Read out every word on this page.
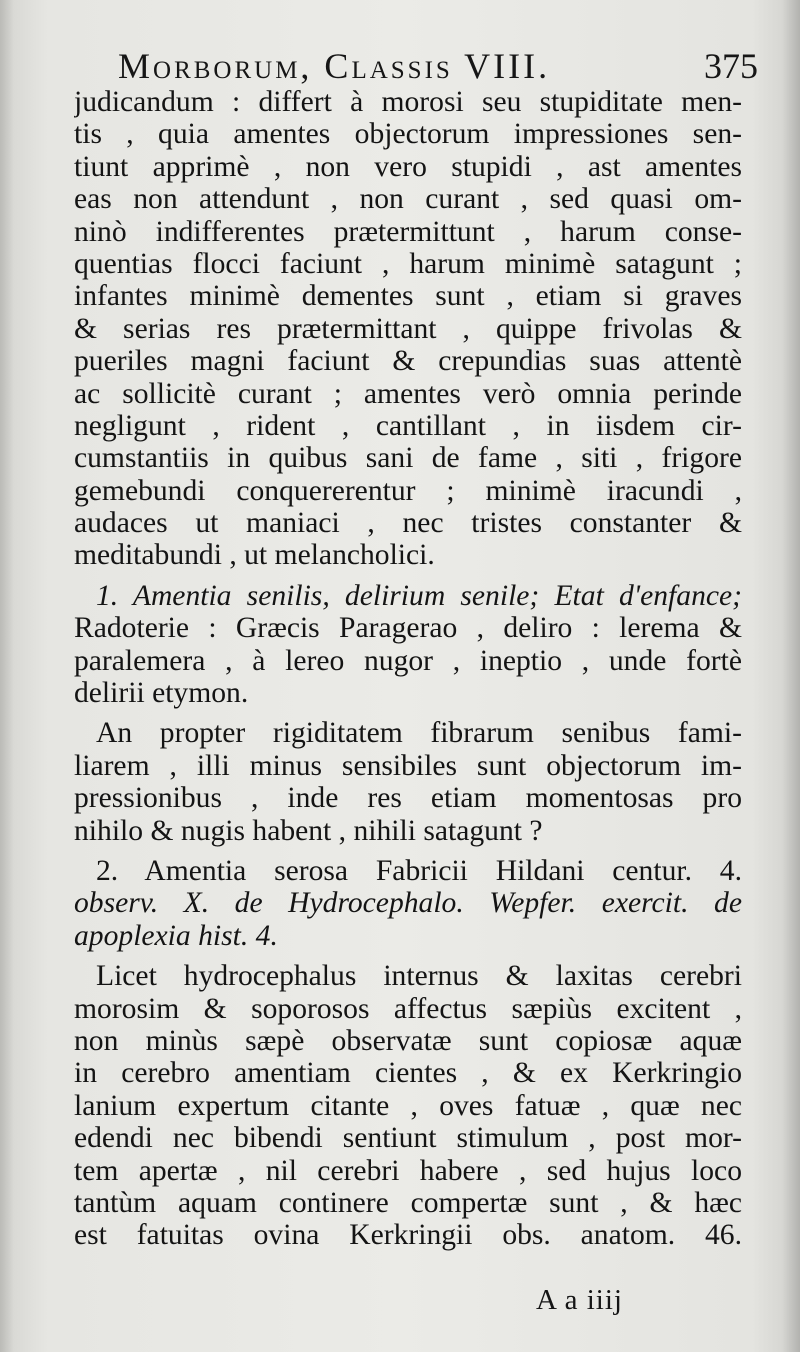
Morborum, Classis VIII.	375
judicandum : differt à morosi seu stupiditate men-
tis , quia amentes objectorum impressiones sen-
tiunt apprimè , non vero stupidi , ast amentes
eas non attendunt , non curant , sed quasi om-
ninò indifferentes prætermittunt , harum conse-
quentias flocci faciunt , harum minimè satagunt ;
infantes minimè dementes sunt , etiam si graves
& serias res prætermittant , quippe frivolas &
pueriles magni faciunt & crepundias suas attentè
ac sollicitè curant ; amentes verò omnia perinde
negligunt , rident , cantillant , in iisdem cir-
cumstantiis in quibus sani de fame , siti , frigore
gemebundi conquererentur ; minimè iracundi ,
audaces ut maniaci , nec tristes constanter &
meditabundi , ut melancholici.
1. Amentia senilis, delirium senile; Etat d'enfance;
Radoterie : Græcis Paragerao , deliro : lerema &
paralemera , à lereo nugor , ineptio , unde fortè
delirii etymon.
An propter rigiditatem fibrarum senibus fami-
liarem , illi minus sensibiles sunt objectorum im-
pressionibus , inde res etiam momentosas pro
nihilo & nugis habent , nihili satagunt ?
2. Amentia serosa Fabricii Hildani centur. 4.
observ. X. de Hydrocephalo. Wepfer. exercit. de
apoplexia hist. 4.
Licet hydrocephalus internus & laxitas cerebri
morosim & soporosos affectus sæpiùs excitent ,
non minùs sæpè observatæ sunt copiosæ aquæ
in cerebro amentiam cientes , & ex Kerkringio
lanium expertum citante , oves fatuæ , quæ nec
edendi nec bibendi sentiunt stimulum , post mor-
tem apertæ , nil cerebri habere , sed hujus loco
tantùm aquam continere compertæ sunt , & hæc
est fatuitas ovina Kerkringii obs. anatom. 46.
A a iiij
